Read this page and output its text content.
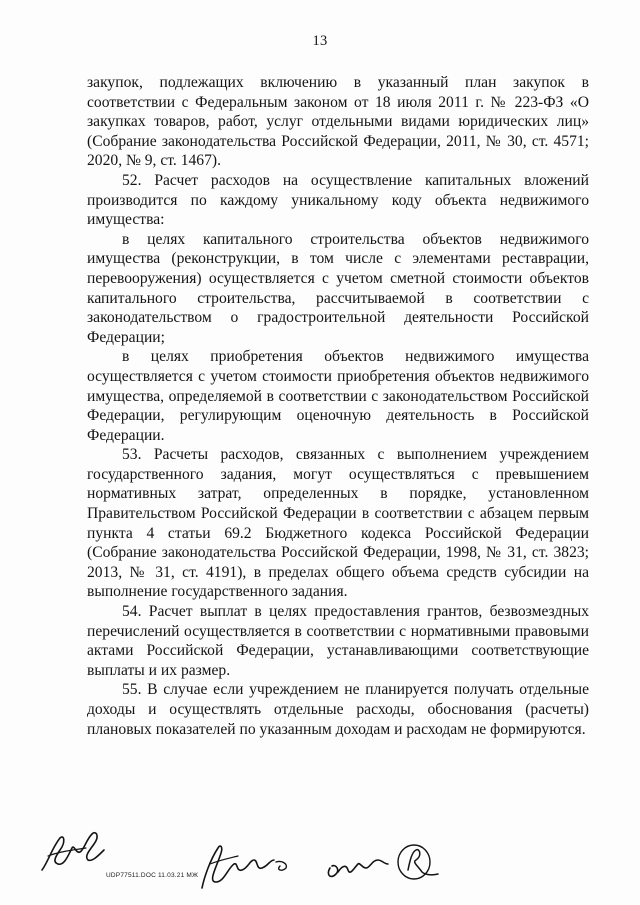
13

закупок, подлежащих включению в указанный план закупок в соответствии с Федеральным законом от 18 июля 2011 г. № 223-ФЗ «О закупках товаров, работ, услуг отдельными видами юридических лиц» (Собрание законодательства Российской Федерации, 2011, № 30, ст. 4571; 2020, № 9, ст. 1467).

52. Расчет расходов на осуществление капитальных вложений производится по каждому уникальному коду объекта недвижимого имущества:

в целях капитального строительства объектов недвижимого имущества (реконструкции, в том числе с элементами реставрации, перевооружения) осуществляется с учетом сметной стоимости объектов капитального строительства, рассчитываемой в соответствии с законодательством о градостроительной деятельности Российской Федерации;

в целях приобретения объектов недвижимого имущества осуществляется с учетом стоимости приобретения объектов недвижимого имущества, определяемой в соответствии с законодательством Российской Федерации, регулирующим оценочную деятельность в Российской Федерации.

53. Расчеты расходов, связанных с выполнением учреждением государственного задания, могут осуществляться с превышением нормативных затрат, определенных в порядке, установленном Правительством Российской Федерации в соответствии с абзацем первым пункта 4 статьи 69.2 Бюджетного кодекса Российской Федерации (Собрание законодательства Российской Федерации, 1998, № 31, ст. 3823; 2013, № 31, ст. 4191), в пределах общего объема средств субсидии на выполнение государственного задания.

54. Расчет выплат в целях предоставления грантов, безвозмездных перечислений осуществляется в соответствии с нормативными правовыми актами Российской Федерации, устанавливающими соответствующие выплаты и их размер.

55. В случае если учреждением не планируется получать отдельные доходы и осуществлять отдельные расходы, обоснования (расчеты) плановых показателей по указанным доходам и расходам не формируются.

UDP77511.DOC 11.03.21 МЖ
